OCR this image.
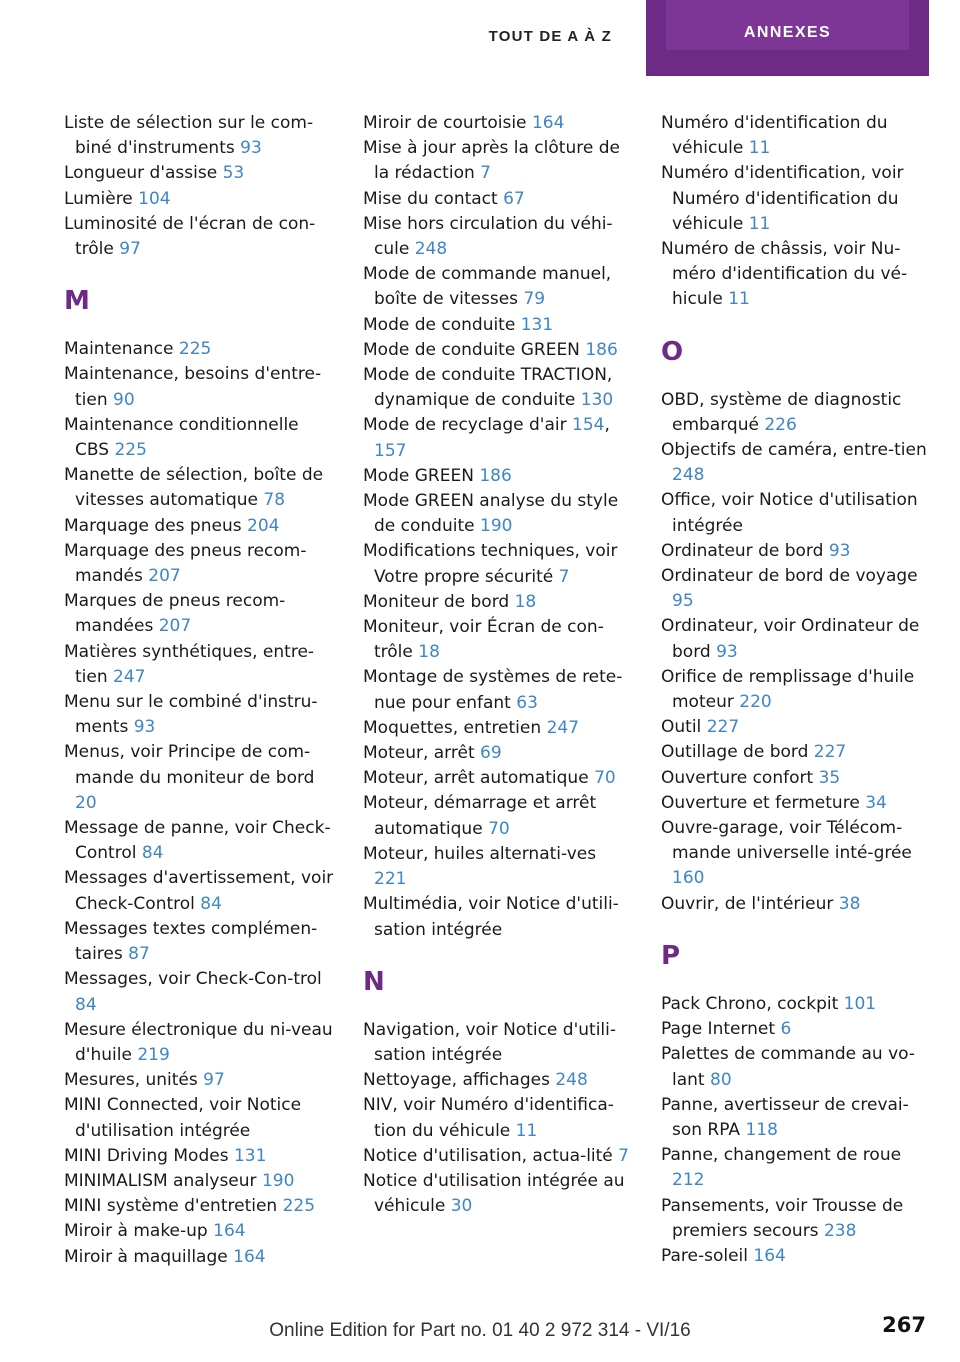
TOUT DE A À Z	ANNEXES
Liste de sélection sur le com-biné d'instruments 93
Longueur d'assise 53
Lumière 104
Luminosité de l'écran de con-trôle 97
M
Maintenance 225
Maintenance, besoins d'entre-tien 90
Maintenance conditionnelle CBS 225
Manette de sélection, boîte de vitesses automatique 78
Marquage des pneus 204
Marquage des pneus recom-mandés 207
Marques de pneus recom-mandées 207
Matières synthétiques, entre-tien 247
Menu sur le combiné d'instru-ments 93
Menus, voir Principe de com-mande du moniteur de bord 20
Message de panne, voir Check-Control 84
Messages d'avertissement, voir Check-Control 84
Messages textes complémen-taires 87
Messages, voir Check-Con-trol 84
Mesure électronique du ni-veau d'huile 219
Mesures, unités 97
MINI Connected, voir Notice d'utilisation intégrée
MINI Driving Modes 131
MINIMALISM analyseur 190
MINI système d'entretien 225
Miroir à make-up 164
Miroir à maquillage 164
Miroir de courtoisie 164
Mise à jour après la clôture de la rédaction 7
Mise du contact 67
Mise hors circulation du véhi-cule 248
Mode de commande manuel, boîte de vitesses 79
Mode de conduite 131
Mode de conduite GREEN 186
Mode de conduite TRACTION, dynamique de conduite 130
Mode de recyclage d'air 154, 157
Mode GREEN 186
Mode GREEN analyse du style de conduite 190
Modifications techniques, voir Votre propre sécurité 7
Moniteur de bord 18
Moniteur, voir Écran de con-trôle 18
Montage de systèmes de rete-nue pour enfant 63
Moquettes, entretien 247
Moteur, arrêt 69
Moteur, arrêt automatique 70
Moteur, démarrage et arrêt automatique 70
Moteur, huiles alternati-ves 221
Multimédia, voir Notice d'utili-sation intégrée
N
Navigation, voir Notice d'utili-sation intégrée
Nettoyage, affichages 248
NIV, voir Numéro d'identifica-tion du véhicule 11
Notice d'utilisation, actua-lité 7
Notice d'utilisation intégrée au véhicule 30
Numéro d'identification du véhicule 11
Numéro d'identification, voir Numéro d'identification du véhicule 11
Numéro de châssis, voir Nu-méro d'identification du vé-hicule 11
O
OBD, système de diagnostic embarqué 226
Objectifs de caméra, entre-tien 248
Office, voir Notice d'utilisation intégrée
Ordinateur de bord 93
Ordinateur de bord de voyage 95
Ordinateur, voir Ordinateur de bord 93
Orifice de remplissage d'huile moteur 220
Outil 227
Outillage de bord 227
Ouverture confort 35
Ouverture et fermeture 34
Ouvre-garage, voir Télécom-mande universelle inté-grée 160
Ouvrir, de l'intérieur 38
P
Pack Chrono, cockpit 101
Page Internet 6
Palettes de commande au vo-lant 80
Panne, avertisseur de crevai-son RPA 118
Panne, changement de roue 212
Pansements, voir Trousse de premiers secours 238
Pare-soleil 164
267
Online Edition for Part no. 01 40 2 972 314 - VI/16
